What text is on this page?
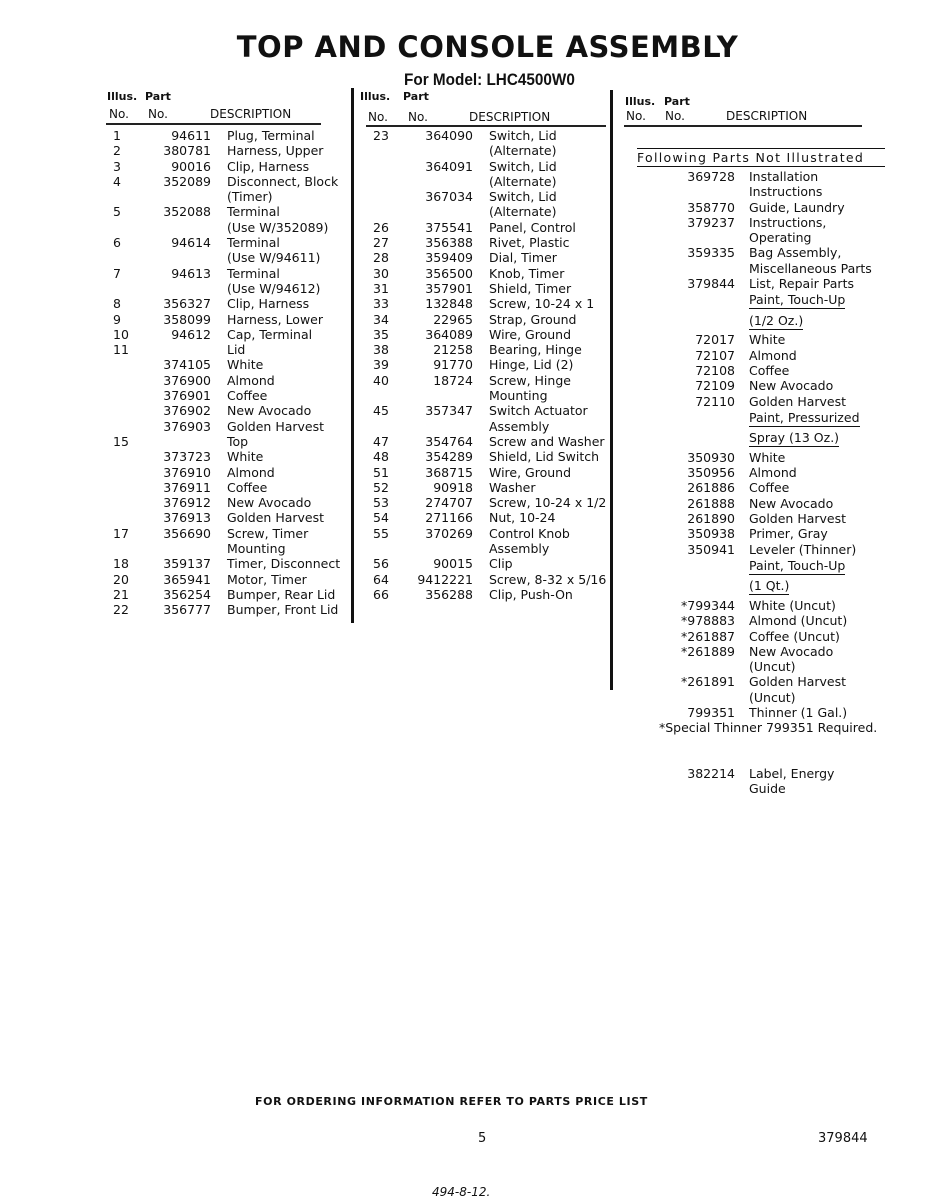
TOP AND CONSOLE ASSEMBLY
For Model: LHC4500W0
Illus. Part
No. No.	DESCRIPTION
Illus. Part
No. No.	DESCRIPTION
Illus. Part
No. No.	DESCRIPTION
Following Parts Not Illustrated
1	94611 Plug, Terminal
2	380781 Harness, Upper
3	90016 Clip, Harness
4	352089 Disconnect, Block
(Timer)
5	352088 Terminal
(Use W/352089)
6	94614 Terminal
(Use W/94611)
7	94613 Terminal
(Use W/94612)
8	356327 Clip, Harness
9	358099 Harness, Lower
10	94612 Cap, Terminal
11	Lid
374105 White
376900 Almond
376901 Coffee
376902 New Avocado
376903 Golden Harvest
15	Top
373723 White
376910 Almond
376911 Coffee
376912 New Avocado
376913 Golden Harvest
17	356690 Screw, Timer
Mounting
18	359137 Timer, Disconnect
20	365941 Motor, Timer
21	356254 Bumper, Rear Lid
22	356777 Bumper, Front Lid
23	364090 Switch, Lid
(Alternate)
364091 Switch, Lid
(Alternate)
367034 Switch, Lid
(Alternate)
26	375541 Panel, Control
27	356388 Rivet, Plastic
28	359409 Dial, Timer
30	356500 Knob, Timer
31	357901 Shield, Timer
33	132848 Screw, 10-24 x 1
34	22965 Strap, Ground
35	364089 Wire, Ground
38	21258 Bearing, Hinge
39	91770 Hinge, Lid (2)
40	18724 Screw, Hinge
Mounting
45	357347 Switch Actuator
Assembly
47	354764 Screw and Washer
48	354289 Shield, Lid Switch
51	368715 Wire, Ground
52	90918 Washer
53	274707 Screw, 10-24 x 1/2
54	271166 Nut, 10-24
55	370269 Control Knob
Assembly
56	90015 Clip
64	9412221 Screw, 8-32 x 5/16
66	356288 Clip, Push-On
369728 Installation
Instructions
358770 Guide, Laundry
379237 Instructions,
Operating
359335 Bag Assembly,
Miscellaneous Parts
379844 List, Repair Parts
Paint, Touch-Up
(1/2 Oz.)
72017 White
72107 Almond
72108 Coffee
72109 New Avocado
72110 Golden Harvest
Paint, Pressurized
Spray (13 Oz.)
350930 White
350956 Almond
261886 Coffee
261888 New Avocado
261890 Golden Harvest
350938 Primer, Gray
350941 Leveler (Thinner)
Paint, Touch-Up
(1 Qt.)
*799344 White (Uncut)
*978883 Almond (Uncut)
*261887 Coffee (Uncut)
*261889 New Avocado
(Uncut)
*261891 Golden Harvest
(Uncut)
799351 Thinner (1 Gal.)
*Special Thinner 799351 Required.
382214 Label, Energy
Guide
FOR ORDERING INFORMATION REFER TO PARTS PRICE LIST
5	379844
494-8-12.
